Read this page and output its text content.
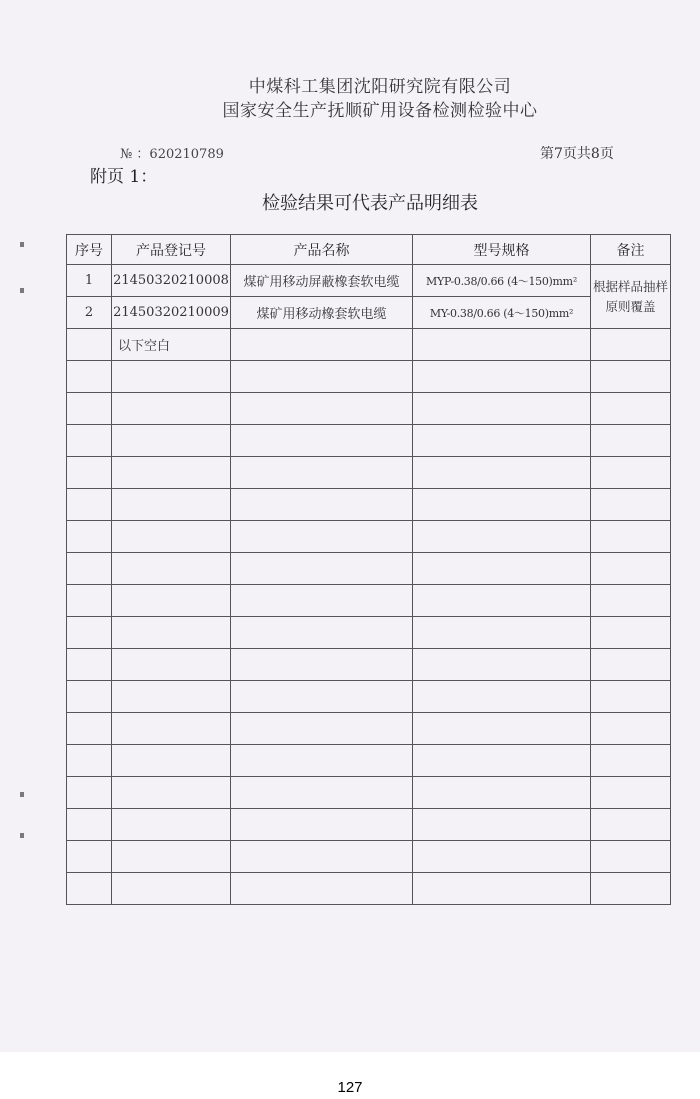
中煤科工集团沈阳研究院有限公司
国家安全生产抚顺矿用设备检测检验中心
№ ：620210789	第7页共8页
附页 1：
检验结果可代表产品明细表
序号	产品登记号	产品名称	型号规格	备注
1	21450320210008	煤矿用移动屏蔽橡套软电缆	MYP-0.38/0.66 (4～150)mm²	根据样品抽样原则覆盖
2	21450320210009	煤矿用移动橡套软电缆	MY-0.38/0.66 (4～150)mm²	
	以下空白			

127
